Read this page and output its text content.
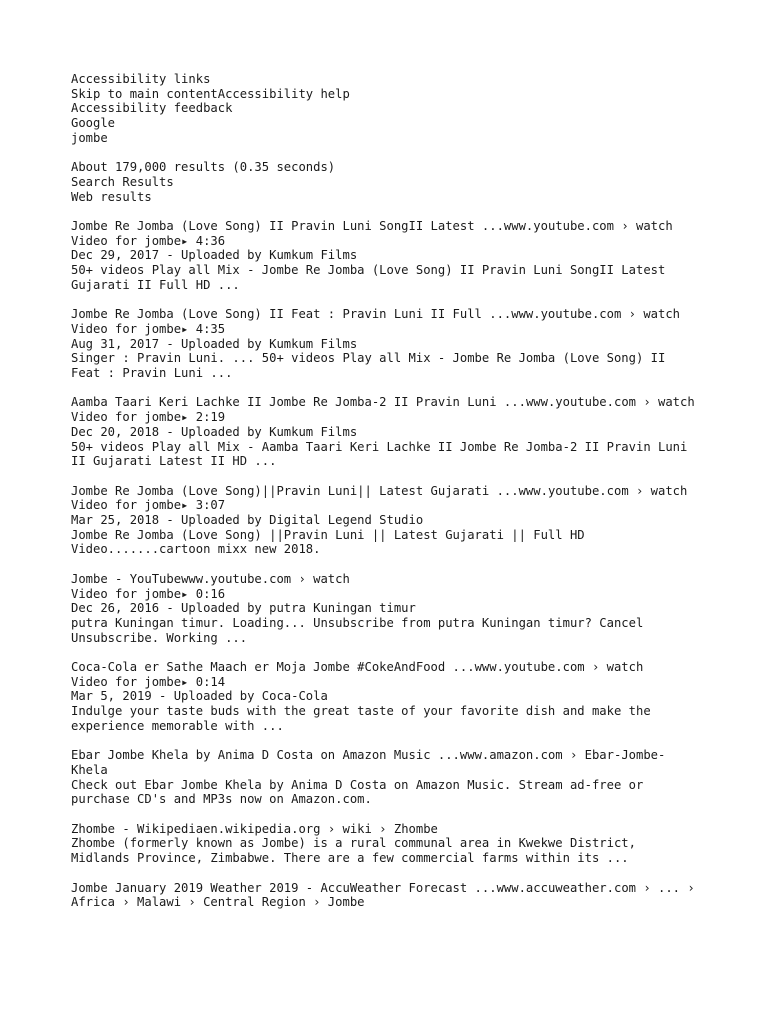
Accessibility links
Skip to main contentAccessibility help
Accessibility feedback
Google
jombe
About 179,000 results (0.35 seconds)
Search Results
Web results
Jombe Re Jomba (Love Song) II Pravin Luni SongII Latest ...www.youtube.com › watch
Video for jombe▸ 4:36
Dec 29, 2017 - Uploaded by Kumkum Films
50+ videos Play all Mix - Jombe Re Jomba (Love Song) II Pravin Luni SongII Latest Gujarati II Full HD ...
Jombe Re Jomba (Love Song) II Feat : Pravin Luni II Full ...www.youtube.com › watch
Video for jombe▸ 4:35
Aug 31, 2017 - Uploaded by Kumkum Films
Singer : Pravin Luni. ... 50+ videos Play all Mix - Jombe Re Jomba (Love Song) II Feat : Pravin Luni ...
Aamba Taari Keri Lachke II Jombe Re Jomba-2 II Pravin Luni ...www.youtube.com › watch
Video for jombe▸ 2:19
Dec 20, 2018 - Uploaded by Kumkum Films
50+ videos Play all Mix - Aamba Taari Keri Lachke II Jombe Re Jomba-2 II Pravin Luni II Gujarati Latest II HD ...
Jombe Re Jomba (Love Song)||Pravin Luni|| Latest Gujarati ...www.youtube.com › watch
Video for jombe▸ 3:07
Mar 25, 2018 - Uploaded by Digital Legend Studio
Jombe Re Jomba (Love Song) ||Pravin Luni || Latest Gujarati || Full HD Video.......cartoon mixx new 2018.
Jombe - YouTubewww.youtube.com › watch
Video for jombe▸ 0:16
Dec 26, 2016 - Uploaded by putra Kuningan timur
putra Kuningan timur. Loading... Unsubscribe from putra Kuningan timur? Cancel Unsubscribe. Working ...
Coca-Cola er Sathe Maach er Moja Jombe #CokeAndFood ...www.youtube.com › watch
Video for jombe▸ 0:14
Mar 5, 2019 - Uploaded by Coca-Cola
Indulge your taste buds with the great taste of your favorite dish and make the experience memorable with ...
Ebar Jombe Khela by Anima D Costa on Amazon Music ...www.amazon.com › Ebar-Jombe-Khela
Check out Ebar Jombe Khela by Anima D Costa on Amazon Music. Stream ad-free or purchase CD's and MP3s now on Amazon.com.
Zhombe - Wikipediaen.wikipedia.org › wiki › Zhombe
Zhombe (formerly known as Jombe) is a rural communal area in Kwekwe District, Midlands Province, Zimbabwe. There are a few commercial farms within its ...
Jombe January 2019 Weather 2019 - AccuWeather Forecast ...www.accuweather.com › ... › Africa › Malawi › Central Region › Jombe
